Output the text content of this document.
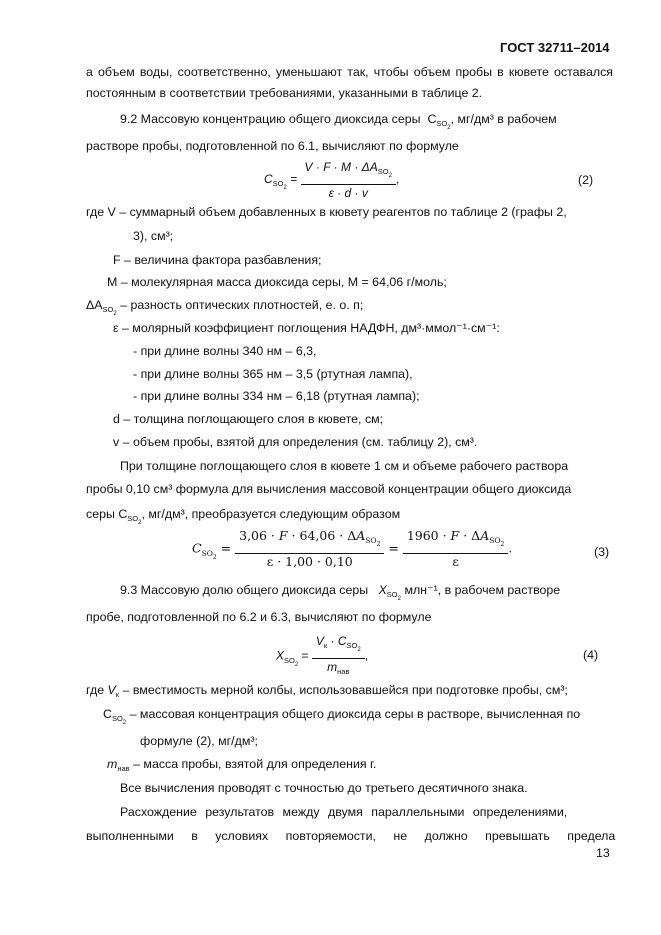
ГОСТ 32711–2014
а объем воды, соответственно, уменьшают так, чтобы объем пробы в кювете оставался постоянным в соответствии требованиями, указанными в таблице 2.
9.2 Массовую концентрацию общего диоксида серы  $C_{SO_2}$, мг/дм³ в рабочем
растворе пробы, подготовленной по 6.1, вычисляют по формуле
$C_{SO_2} = \frac{V \cdot F \cdot M \cdot \Delta A_{SO_2}}{\varepsilon \cdot d \cdot v}$ ,	(2)
где V – суммарный объем добавленных в кювету реагентов по таблице 2 (графы 2,
3), см³;
F – величина фактора разбавления;
М – молекулярная масса диоксида серы, М = 64,06 г/моль;
$\Delta A_{SO_2}$ – разность оптических плотностей, е. о. п;
ε – молярный коэффициент поглощения НАДФН, дм³·ммол⁻¹·см⁻¹:
- при длине волны 340 нм – 6,3,
- при длине волны 365 нм – 3,5 (ртутная лампа),
- при длине волны 334 нм – 6,18 (ртутная лампа);
d – толщина поглощающего слоя в кювете, см;
v – объем пробы, взятой для определения (см. таблицу 2), см³.
При толщине поглощающего слоя в кювете 1 см и объеме рабочего раствора
пробы 0,10 см³ формула для вычисления массовой концентрации общего диоксида
серы $C_{SO_2}$, мг/дм³, преобразуется следующим образом
$C_{SO_2} = \frac{3,06 \cdot F \cdot 64,06 \cdot \Delta A_{SO_2}}{\varepsilon \cdot 1,00 \cdot 0,10} = \frac{1960 \cdot F \cdot \Delta A_{SO_2}}{\varepsilon}$ .	(3)
9.3 Массовую долю общего диоксида серы $X_{SO_2}$ млн⁻¹, в рабочем растворе
пробе, подготовленной по 6.2 и 6.3, вычисляют по формуле
$X_{SO_2} = \frac{V_к \cdot C_{SO_2}}{m_{нав}}$ ,	(4)
где $V_к$ – вместимость мерной колбы, использовавшейся при подготовке пробы, см³;
$C_{SO_2}$ – массовая концентрация общего диоксида серы в растворе, вычисленная по
формуле (2), мг/дм³;
$m_{нав}$ – масса пробы, взятой для определения г.
Все вычисления проводят с точностью до третьего десятичного знака.
Расхождение результатов между двумя параллельными определениями,
выполненными в условиях повторяемости, не должно превышать предела
13
